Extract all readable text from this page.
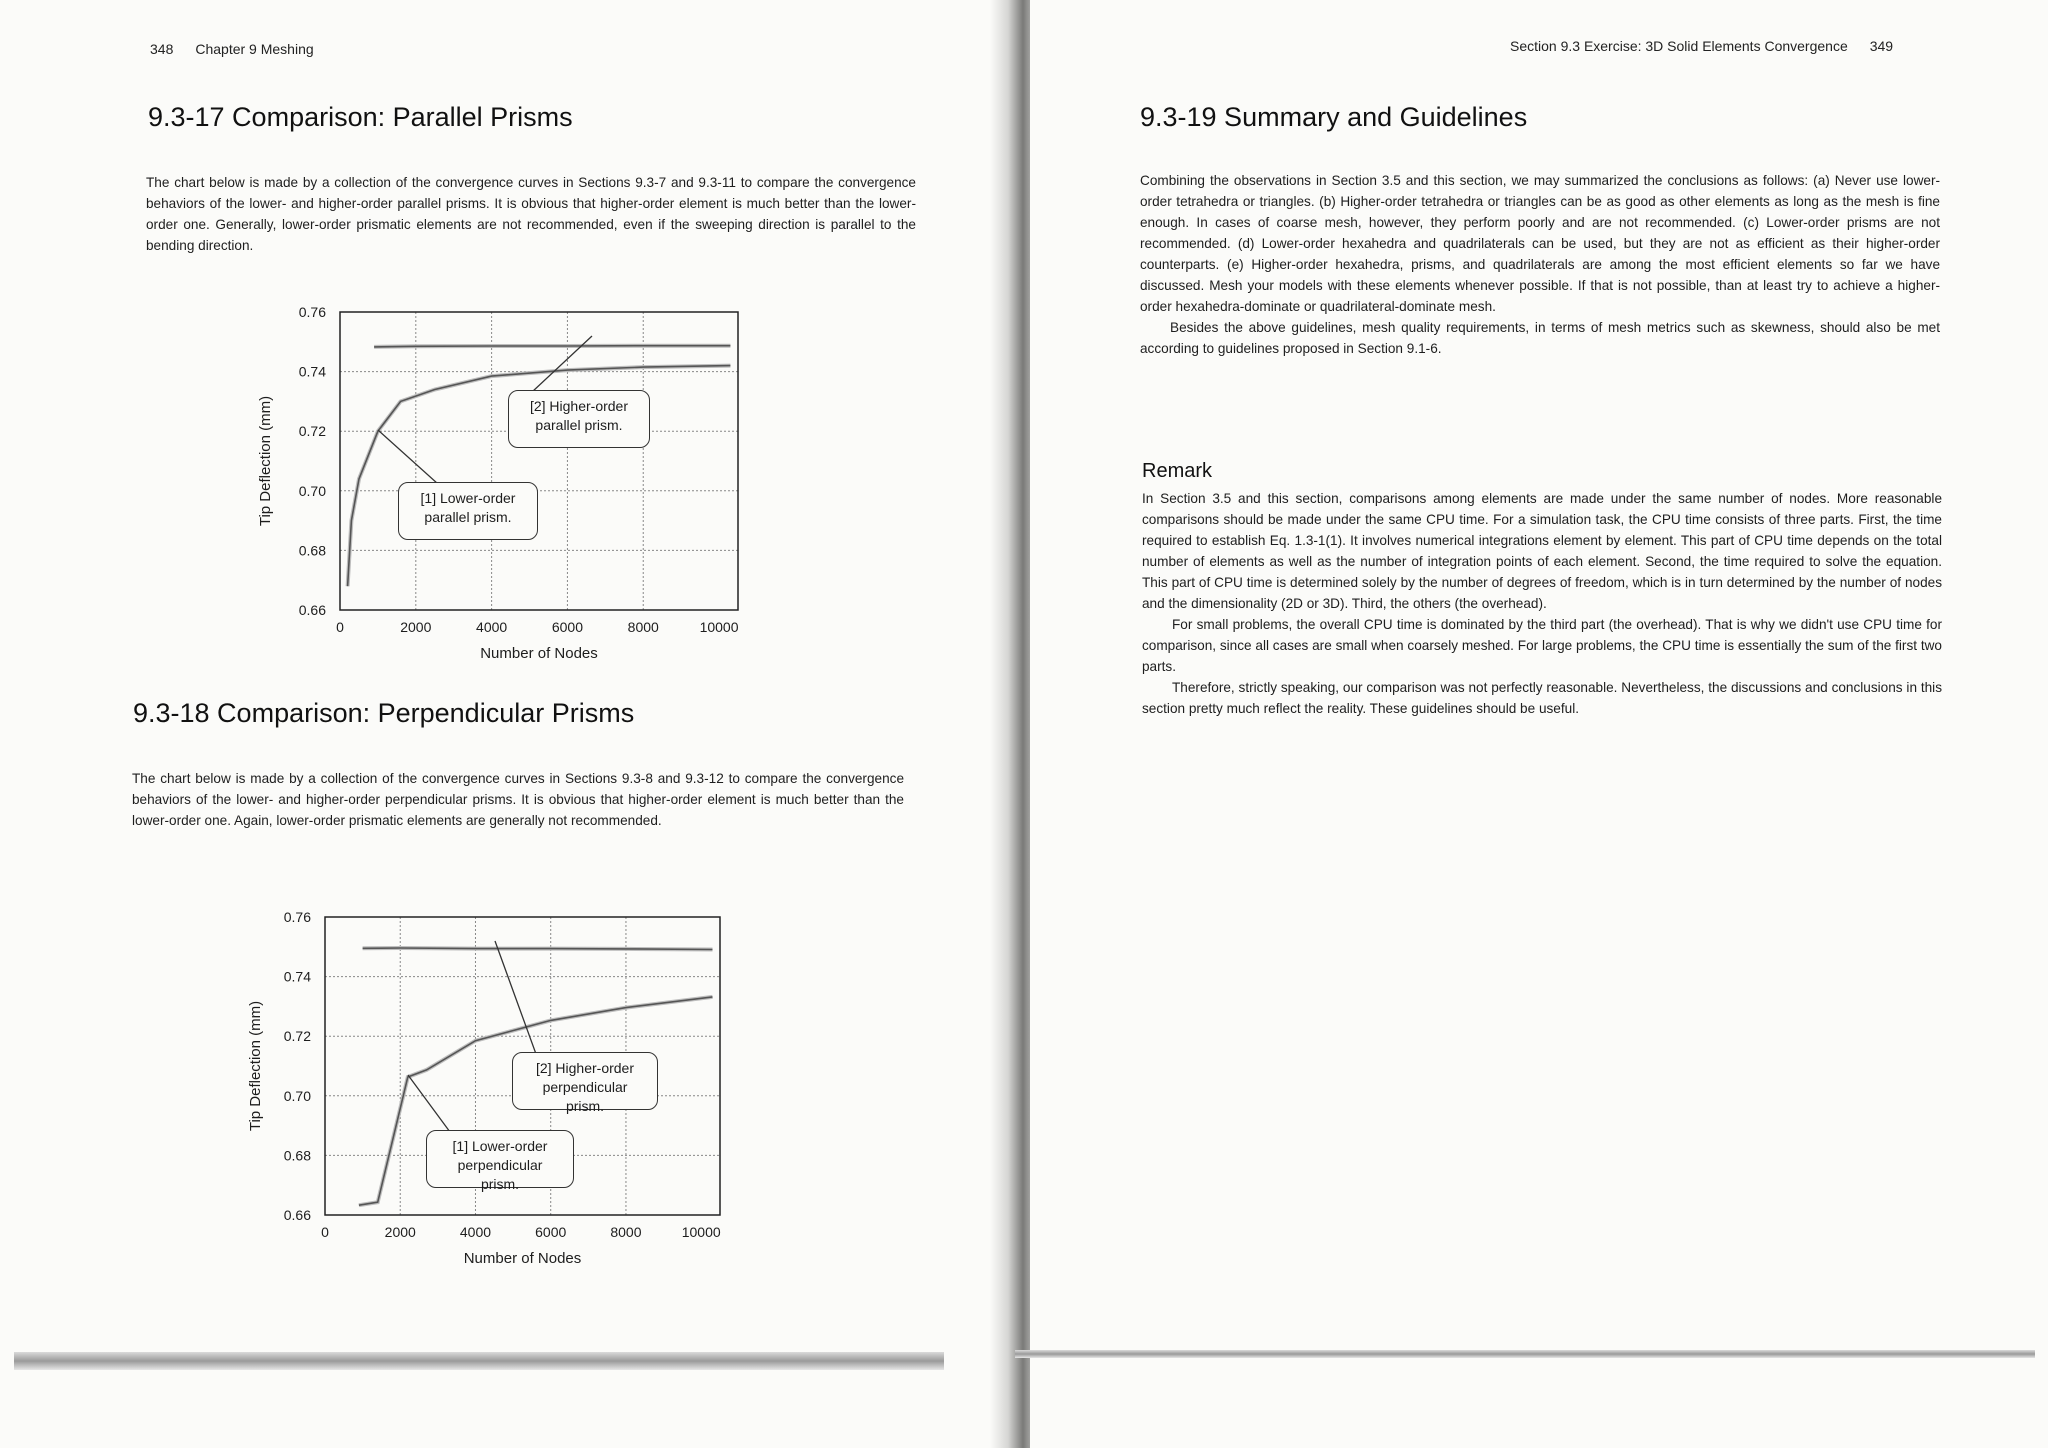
348 Chapter 9 Meshing
9.3-17 Comparison: Parallel Prisms

The chart below is made by a collection of the convergence curves in Sections 9.3-7 and 9.3-11 to compare the convergence behaviors of the lower- and higher-order parallel prisms. It is obvious that higher-order element is much better than the lower-order one. Generally, lower-order prismatic elements are not recommended, even if the sweeping direction is parallel to the bending direction.

0.76
0.74
0.72
0.70
0.68
0.66
0	2000	4000	6000	8000	10000
Number of Nodes
Tip Deflection (mm)	[2] Higher-order
parallel prism.
[1] Lower-order
parallel prism.
9.3-18 Comparison: Perpendicular Prisms

The chart below is made by a collection of the convergence curves in Sections 9.3-8 and 9.3-12 to compare the convergence behaviors of the lower- and higher-order perpendicular prisms. It is obvious that higher-order element is much better than the lower-order one. Again, lower-order prismatic elements are generally not recommended.

0.76
0.74
0.72
0.70
0.68
0.66
0	2000	4000	6000	8000	10000
Number of Nodes
Tip Deflection (mm)	[2] Higher-order
perpendicular prism.
[1] Lower-order
perpendicular prism.
Section 9.3 Exercise: 3D Solid Elements Convergence 349
9.3-19 Summary and Guidelines

Combining the observations in Section 3.5 and this section, we may summarized the conclusions as follows: (a) Never use lower-order tetrahedra or triangles. (b) Higher-order tetrahedra or triangles can be as good as other elements as long as the mesh is fine enough. In cases of coarse mesh, however, they perform poorly and are not recommended. (c) Lower-order prisms are not recommended. (d) Lower-order hexahedra and quadrilaterals can be used, but they are not as efficient as their higher-order counterparts. (e) Higher-order hexahedra, prisms, and quadrilaterals are among the most efficient elements so far we have discussed. Mesh your models with these elements whenever possible. If that is not possible, than at least try to achieve a higher-order hexahedra-dominate or quadrilateral-dominate mesh.

Besides the above guidelines, mesh quality requirements, in terms of mesh metrics such as skewness, should also be met according to guidelines proposed in Section 9.1-6.

Remark

In Section 3.5 and this section, comparisons among elements are made under the same number of nodes. More reasonable comparisons should be made under the same CPU time. For a simulation task, the CPU time consists of three parts. First, the time required to establish Eq. 1.3-1(1). It involves numerical integrations element by element. This part of CPU time depends on the total number of elements as well as the number of integration points of each element. Second, the time required to solve the equation. This part of CPU time is determined solely by the number of degrees of freedom, which is in turn determined by the number of nodes and the dimensionality (2D or 3D). Third, the others (the overhead).

For small problems, the overall CPU time is dominated by the third part (the overhead). That is why we didn't use CPU time for comparison, since all cases are small when coarsely meshed. For large problems, the CPU time is essentially the sum of the first two parts.

Therefore, strictly speaking, our comparison was not perfectly reasonable. Nevertheless, the discussions and conclusions in this section pretty much reflect the reality. These guidelines should be useful.
